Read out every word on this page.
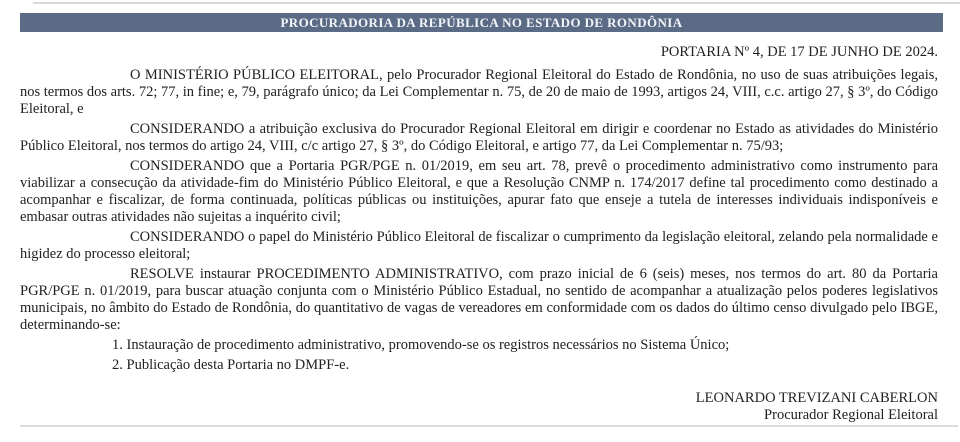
PROCURADORIA DA REPÚBLICA NO ESTADO DE RONDÔNIA
PORTARIA Nº 4, DE 17 DE JUNHO DE 2024.

O MINISTÉRIO PÚBLICO ELEITORAL, pelo Procurador Regional Eleitoral do Estado de Rondônia, no uso de suas atribuições legais, nos termos dos arts. 72; 77, in fine; e, 79, parágrafo único; da Lei Complementar n. 75, de 20 de maio de 1993, artigos 24, VIII, c.c. artigo 27, § 3º, do Código Eleitoral, e

CONSIDERANDO a atribuição exclusiva do Procurador Regional Eleitoral em dirigir e coordenar no Estado as atividades do Ministério Público Eleitoral, nos termos do artigo 24, VIII, c/c artigo 27, § 3º, do Código Eleitoral, e artigo 77, da Lei Complementar n. 75/93;

CONSIDERANDO que a Portaria PGR/PGE n. 01/2019, em seu art. 78, prevê o procedimento administrativo como instrumento para viabilizar a consecução da atividade-fim do Ministério Público Eleitoral, e que a Resolução CNMP n. 174/2017 define tal procedimento como destinado a acompanhar e fiscalizar, de forma continuada, políticas públicas ou instituições, apurar fato que enseje a tutela de interesses individuais indisponíveis e embasar outras atividades não sujeitas a inquérito civil;

CONSIDERANDO o papel do Ministério Público Eleitoral de fiscalizar o cumprimento da legislação eleitoral, zelando pela normalidade e higidez do processo eleitoral;

RESOLVE instaurar PROCEDIMENTO ADMINISTRATIVO, com prazo inicial de 6 (seis) meses, nos termos do art. 80 da Portaria PGR/PGE n. 01/2019, para buscar atuação conjunta com o Ministério Público Estadual, no sentido de acompanhar a atualização pelos poderes legislativos municipais, no âmbito do Estado de Rondônia, do quantitativo de vagas de vereadores em conformidade com os dados do último censo divulgado pelo IBGE, determinando-se:

1. Instauração de procedimento administrativo, promovendo-se os registros necessários no Sistema Único;

2. Publicação desta Portaria no DMPF-e.

LEONARDO TREVIZANI CABERLON
Procurador Regional Eleitoral
